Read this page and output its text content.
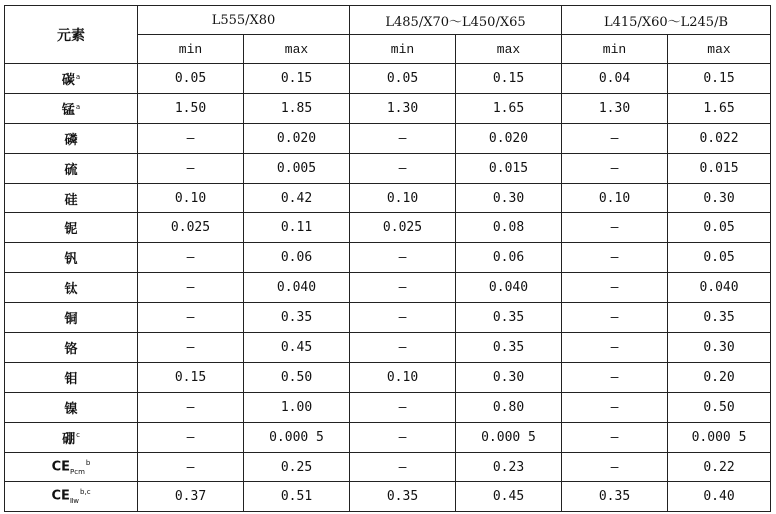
元素	L555/X80		L485/X70～L450/X65		L415/X60～L245/B	
	min	max	min	max	min	max
碳$^a$	0.05	0.15	0.05	0.15	0.04	0.15
锰$^a$	1.50	1.85	1.30	1.65	1.30	1.65
磷	—	0.020	—	0.020	—	0.022
硫	—	0.005	—	0.015	—	0.015
硅	0.10	0.42	0.10	0.30	0.10	0.30
铌	0.025	0.11	0.025	0.08	—	0.05
钒	—	0.06	—	0.06	—	0.05
钛	—	0.040	—	0.040	—	0.040
铜	—	0.35	—	0.35	—	0.35
铬	—	0.45	—	0.35	—	0.30
钼	0.15	0.50	0.10	0.30	—	0.20
镍	—	1.00	—	0.80	—	0.50
硼$^c$	—	0.000 5	—	0.000 5	—	0.000 5
$CE_{Pcm}^b$	—	0.25	—	0.23	—	0.22
$CE_{Ⅱw}^{b,c}$	0.37	0.51	0.35	0.45	0.35	0.40
